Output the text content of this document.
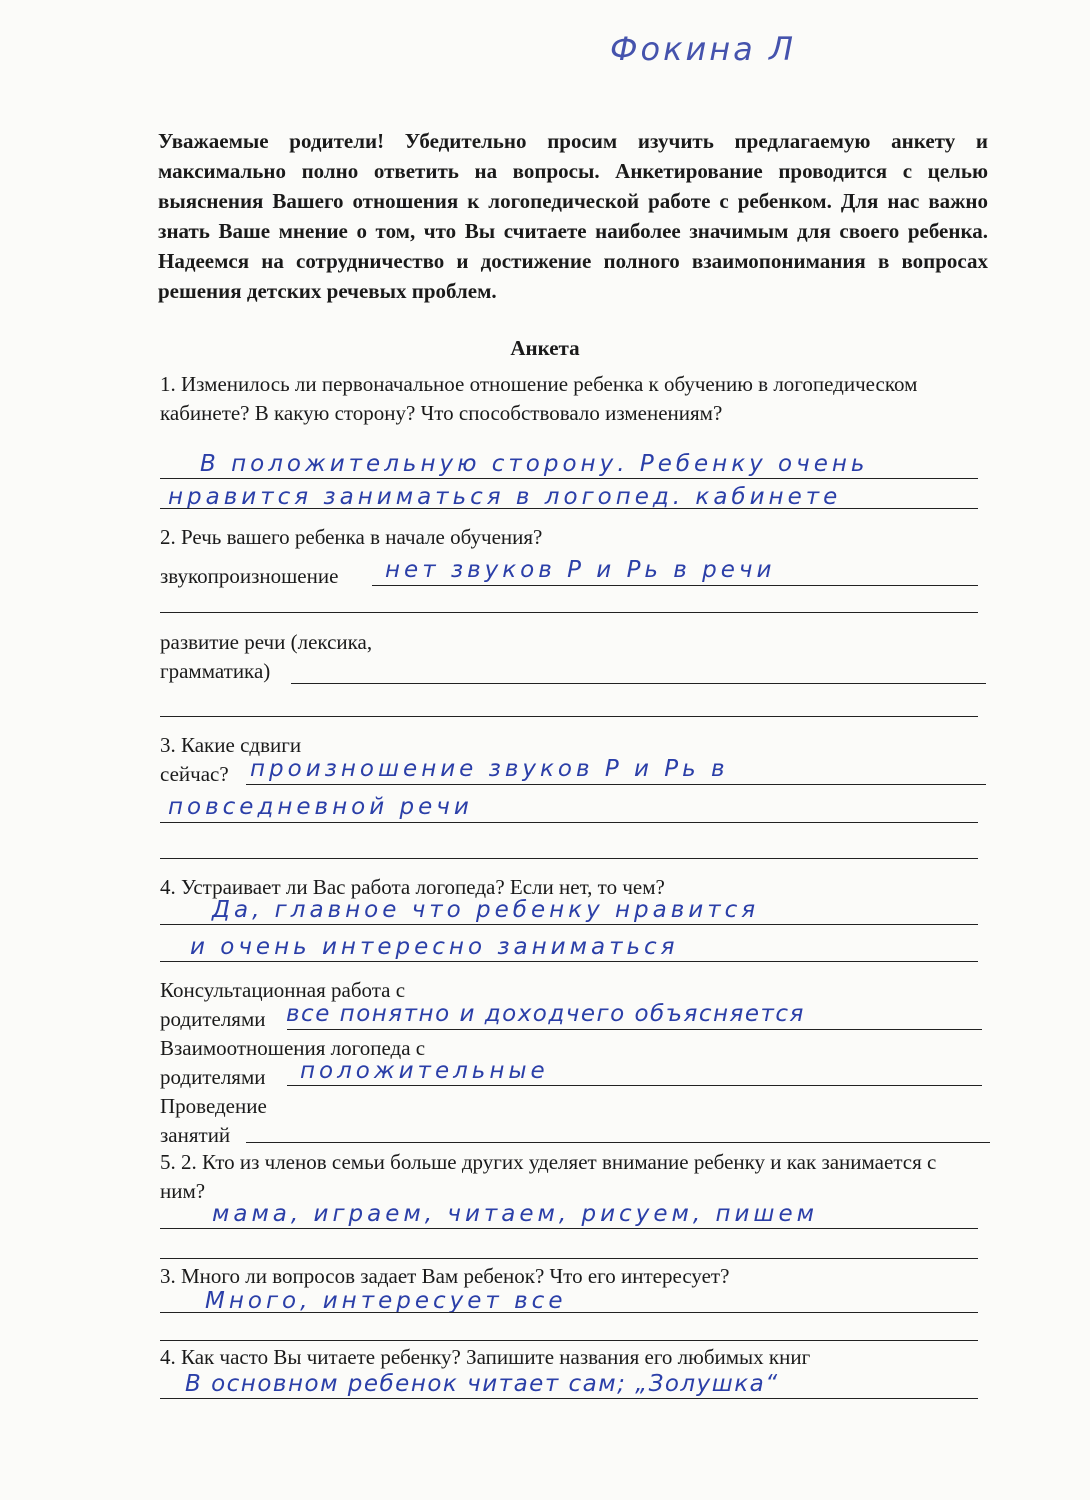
Фокина Л

Уважаемые родители! Убедительно просим изучить предлагаемую анкету и максимально полно ответить на вопросы. Анкетирование проводится с целью выяснения Вашего отношения к логопедической работе с ребенком. Для нас важно знать Ваше мнение о том, что Вы считаете наиболее значимым для своего ребенка. Надеемся на сотрудничество и достижение полного взаимопонимания в вопросах решения детских речевых проблем.

Анкета

1. Изменилось ли первоначальное отношение ребенка к обучению в логопедическом кабинете? В какую сторону? Что способствовало изменениям?

В положительную сторону. Ребенку очень
нравится заниматься в логопед. кабинете

2. Речь вашего ребенка в начале обучения?

звукопроизношение нет звуков Р и Рь в речи
развитие речи (лексика,
грамматика)
3. Какие сдвиги
сейчас? произношение звуков Р и Рь в
повседневной речи

4. Устраивает ли Вас работа логопеда? Если нет, то чем?

Да, главное что ребенку нравится
и очень интересно заниматься
Консультационная работа с
родителями все понятно и доходчего объясняется
Взаимоотношения логопеда с
родителями положительные
Проведение
занятий

5. 2. Кто из членов семьи больше других уделяет внимание ребенку и как занимается с ним?

мама, играем, читаем, рисуем, пишем

3. Много ли вопросов задает Вам ребенок? Что его интересует?

Много, интересует все

4. Как часто Вы читаете ребенку? Запишите названия его любимых книг

В основном ребенок читает сам; „Золушка“
